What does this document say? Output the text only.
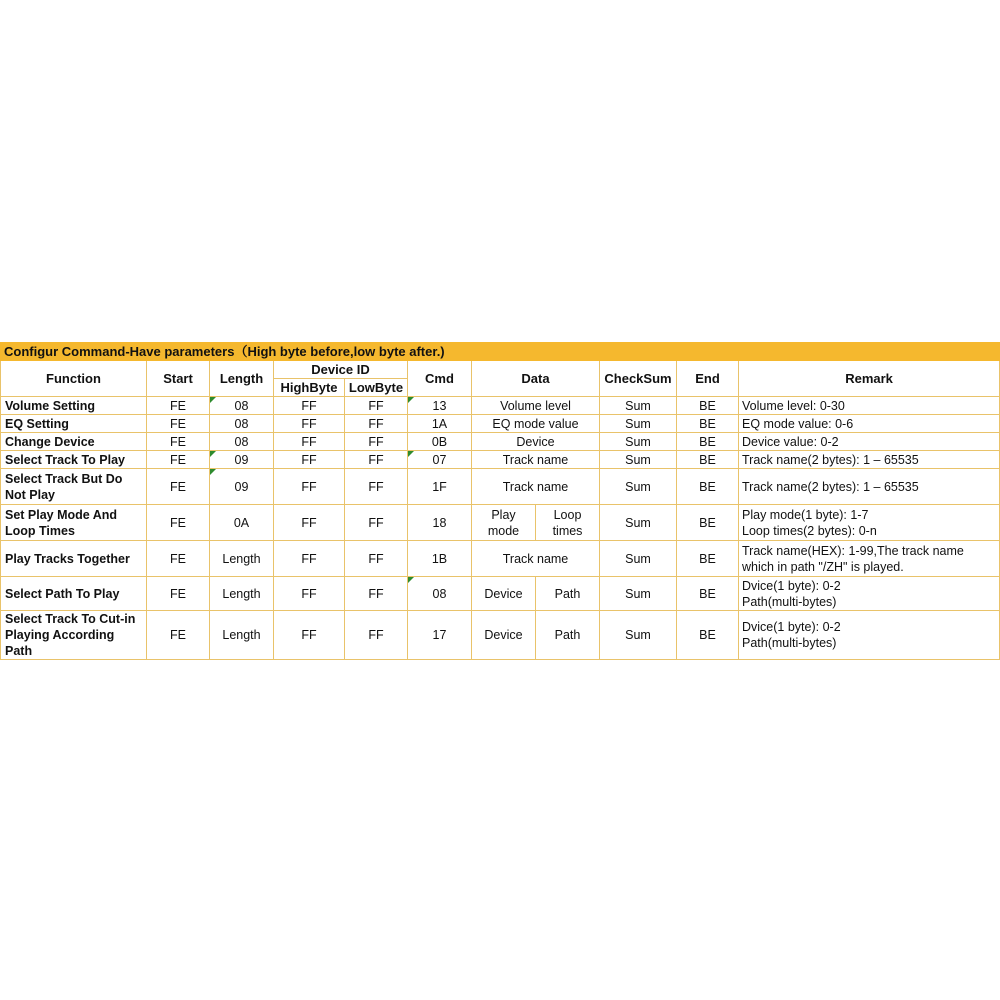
Configur Command-Have parameters（High byte before,low byte after.)										
Function	Start	Length	Device ID		Cmd	Data		CheckSum	End	Remark
			HighByte	LowByte						
Volume Setting	FE	08	FF	FF	13	Volume level		Sum	BE	Volume level: 0-30
EQ Setting	FE	08	FF	FF	1A	EQ mode value		Sum	BE	EQ mode value: 0-6
Change Device	FE	08	FF	FF	0B	Device		Sum	BE	Device value: 0-2
Select Track To Play	FE	09	FF	FF	07	Track name		Sum	BE	Track name(2 bytes): 1 – 65535
Select Track But Do Not Play	FE	09	FF	FF	1F	Track name		Sum	BE	Track name(2 bytes): 1 – 65535
Set Play Mode And Loop Times	FE	0A	FF	FF	18	Play mode	Loop times	Sum	BE	Play mode(1 byte): 1-7
Loop times(2 bytes): 0-n
Play Tracks Together	FE	Length	FF	FF	1B	Track name		Sum	BE	Track name(HEX): 1-99,The track name
which in path "/ZH" is played.
Select Path To Play	FE	Length	FF	FF	08	Device	Path	Sum	BE	Dvice(1 byte): 0-2
Path(multi-bytes)
Select Track To Cut-in Playing According Path	FE	Length	FF	FF	17	Device	Path	Sum	BE	Dvice(1 byte): 0-2
Path(multi-bytes)
